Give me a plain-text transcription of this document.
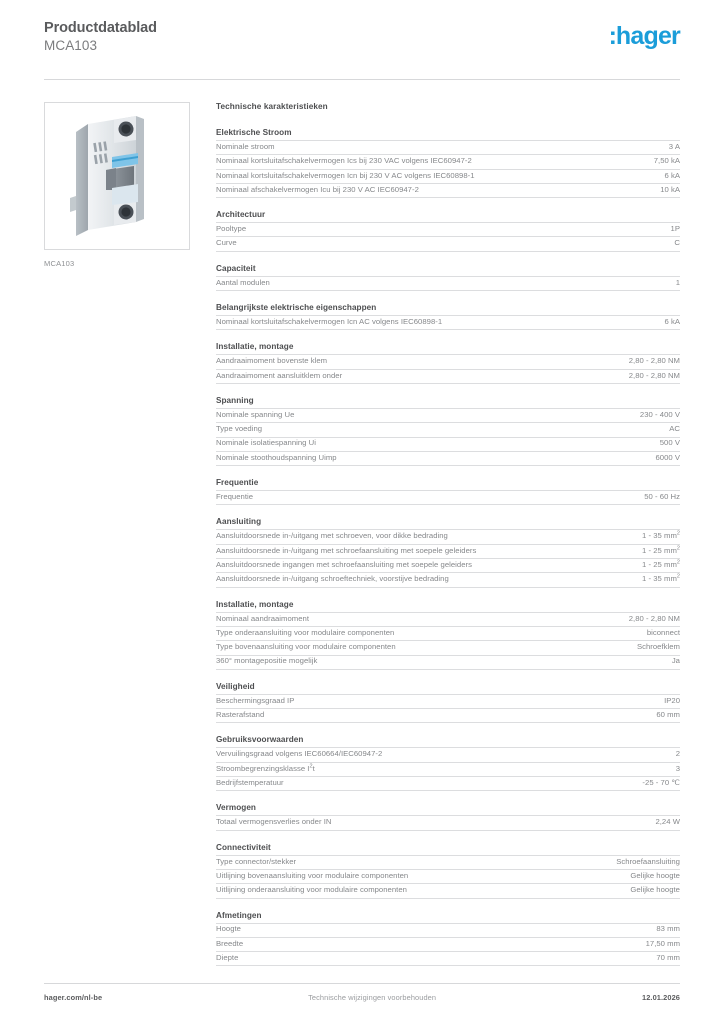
Productdatablad
MCA103	:hager
MCA103
Technische karakteristieken
Elektrische Stroom
Nominale stroom	3 A
Nominaal kortsluitafschakelvermogen Ics bij 230 VAC volgens IEC60947-2	7,50 kA
Nominaal kortsluitafschakelvermogen Icn bij 230 V AC volgens IEC60898-1	6 kA
Nominaal afschakelvermogen Icu bij 230 V AC IEC60947-2	10 kA
Architectuur
Pooltype	1P
Curve	C
Capaciteit
Aantal modulen	1
Belangrijkste elektrische eigenschappen
Nominaal kortsluitafschakelvermogen Icn AC volgens IEC60898-1	6 kA
Installatie, montage
Aandraaimoment bovenste klem	2,80 - 2,80 NM
Aandraaimoment aansluitklem onder	2,80 - 2,80 NM
Spanning
Nominale spanning Ue	230 - 400 V
Type voeding	AC
Nominale isolatiespanning Ui	500 V
Nominale stoothoudspanning Uimp	6000 V
Frequentie
Frequentie	50 - 60 Hz
Aansluiting
Aansluitdoorsnede in-/uitgang met schroeven, voor dikke bedrading	1 - 35 $mm^2$
Aansluitdoorsnede in-/uitgang met schroefaansluiting met soepele geleiders	1 - 25 $mm^2$
Aansluitdoorsnede ingangen met schroefaansluiting met soepele geleiders	1 - 25 $mm^2$
Aansluitdoorsnede in-/uitgang schroeftechniek, voorstijve bedrading	1 - 35 $mm^2$
Installatie, montage
Nominaal aandraaimoment	2,80 - 2,80 NM
Type onderaansluiting voor modulaire componenten	biconnect
Type bovenaansluiting voor modulaire componenten	Schroefklem
360° montagepositie mogelijk	Ja
Veiligheid
Beschermingsgraad IP	IP20
Rasterafstand	60 mm
Gebruiksvoorwaarden
Vervuilingsgraad volgens IEC60664/IEC60947-2	2
Stroombegrenzingsklasse $I^2t$	3
Bedrijfstemperatuur	-25 - 70 ℃
Vermogen
Totaal vermogensverlies onder IN	2,24 W
Connectiviteit
Type connector/stekker	Schroefaansluiting
Uitlijning bovenaansluiting voor modulaire componenten	Gelijke hoogte
Uitlijning onderaansluiting voor modulaire componenten	Gelijke hoogte
Afmetingen
Hoogte	83 mm
Breedte	17,50 mm
Diepte	70 mm
hager.com/nl-be	Technische wijzigingen voorbehouden	12.01.2026
